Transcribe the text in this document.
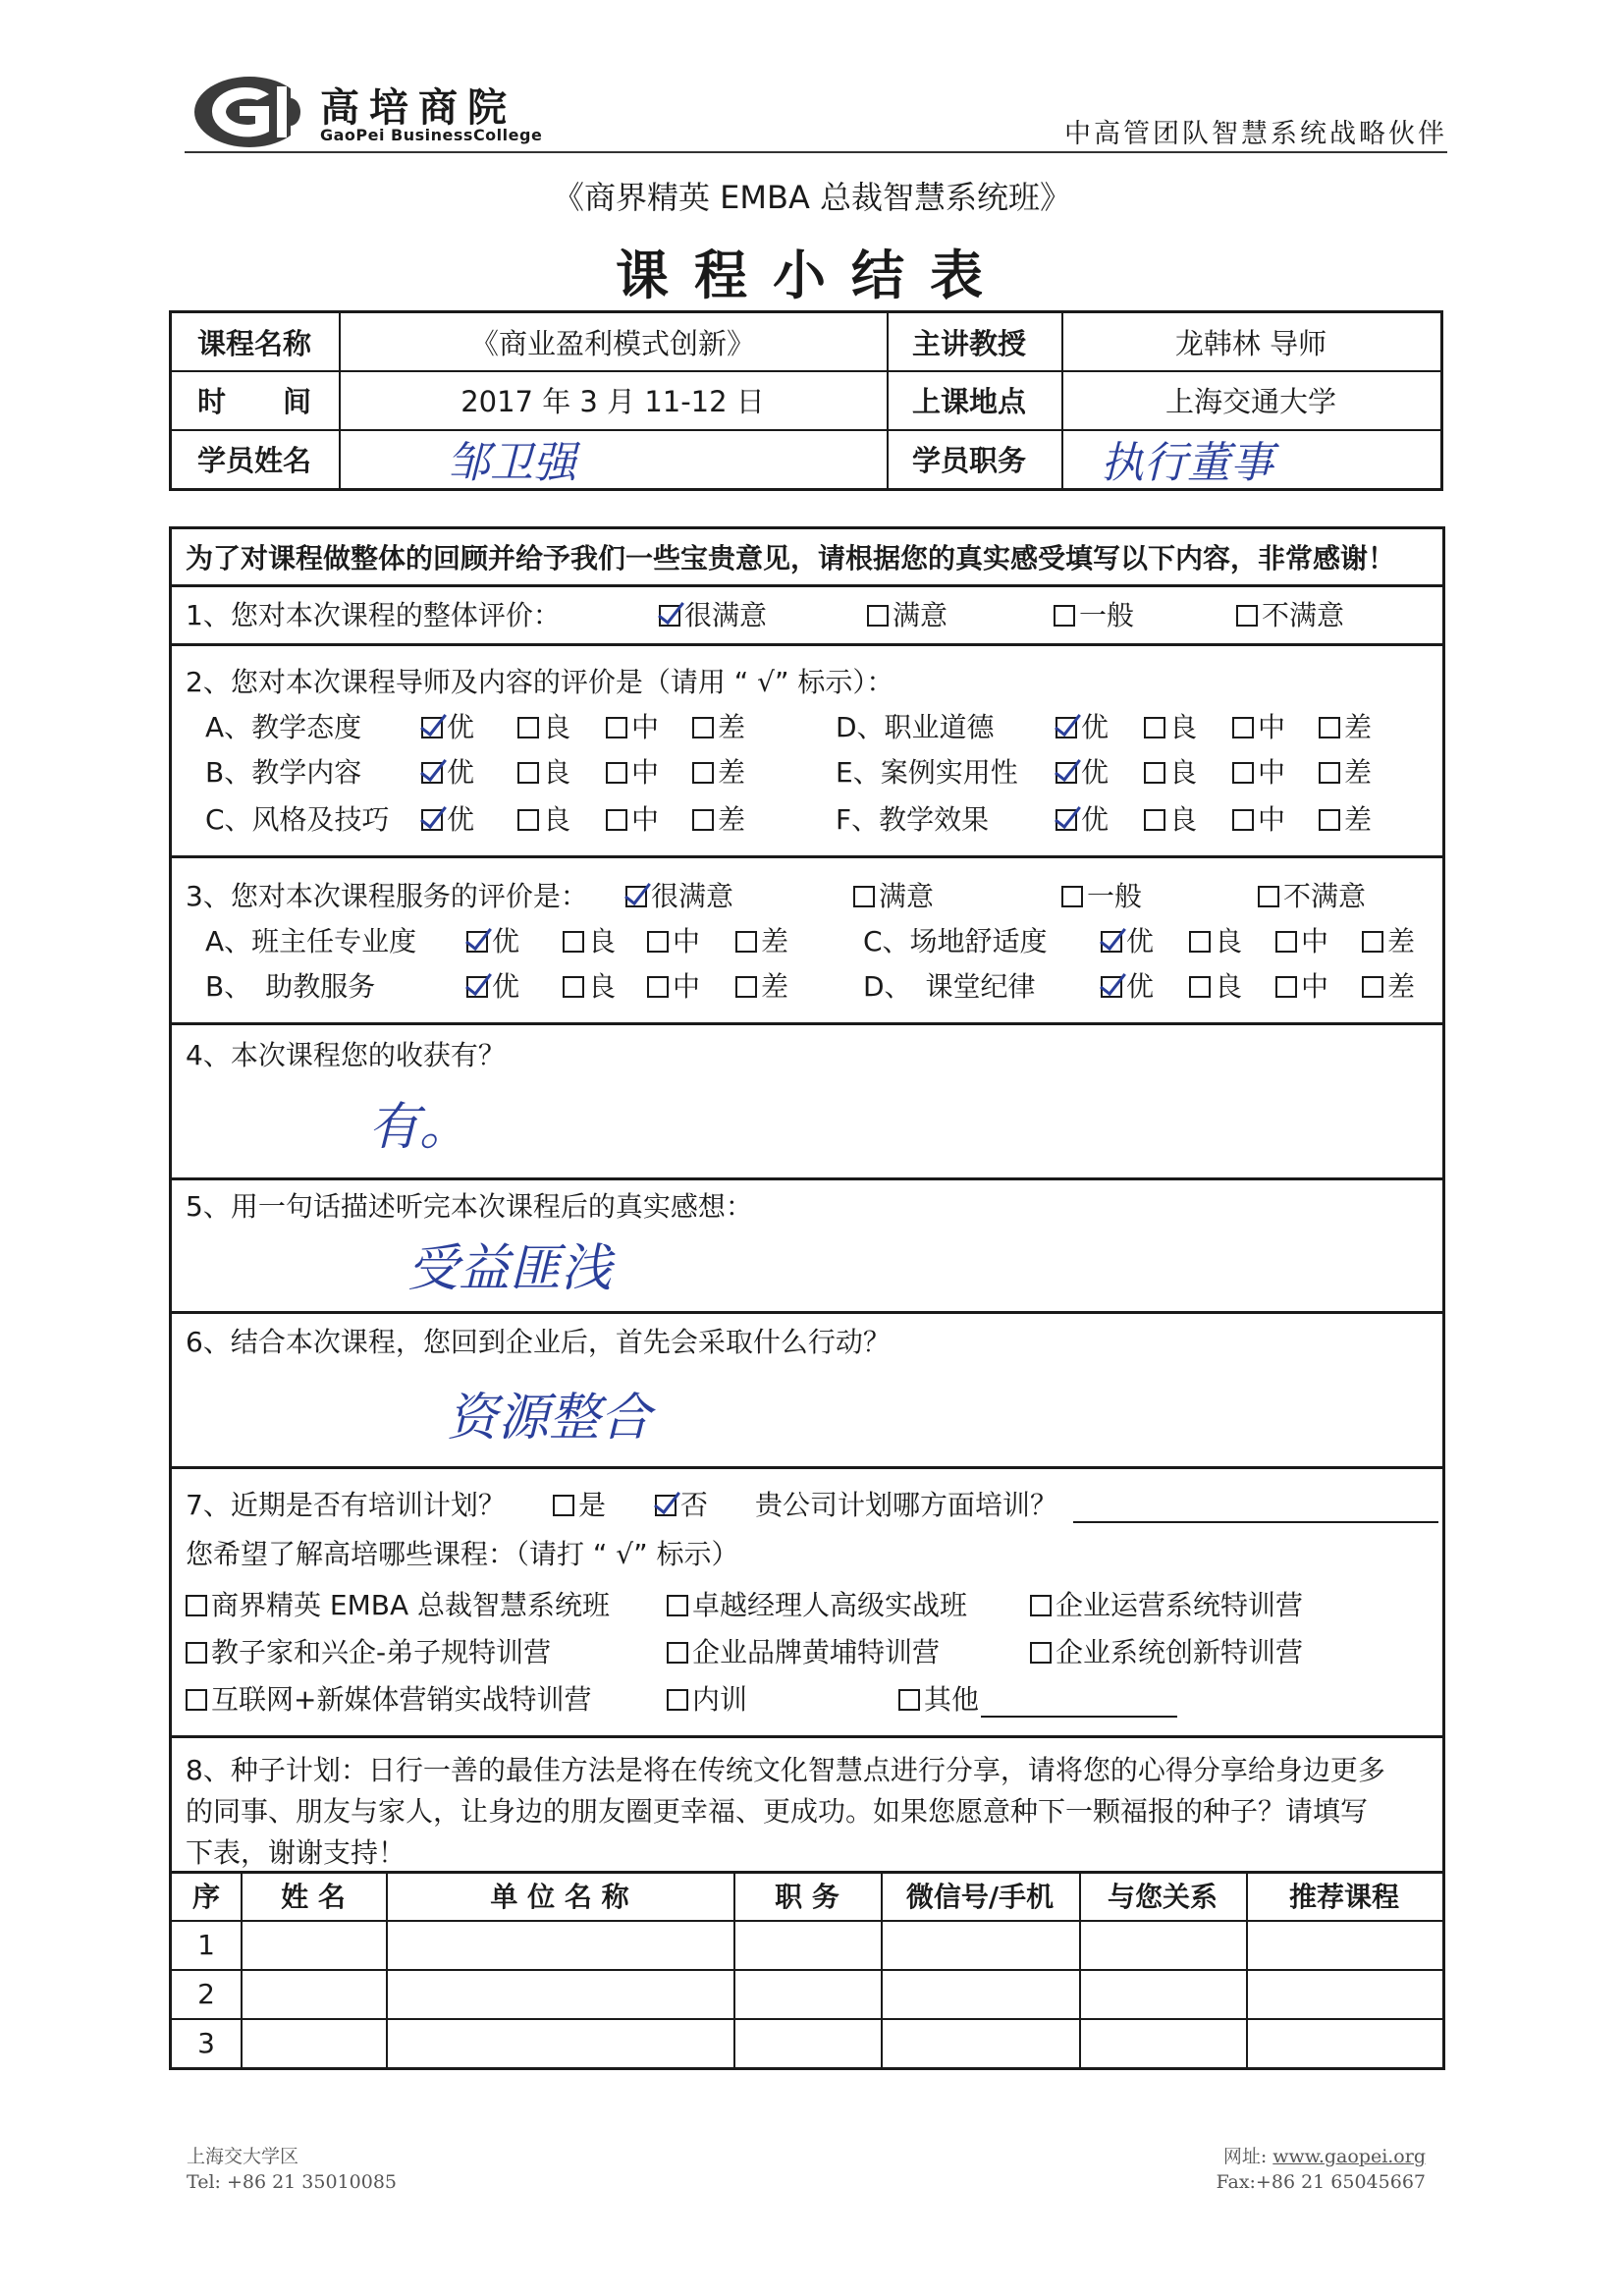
高培商院
GaoPei BusinessCollege	中高管团队智慧系统战略伙伴
《商界精英 EMBA 总裁智慧系统班》
课程小结表
课程名称	《商业盈利模式创新》	主讲教授	龙韩林 导师
时　　间	2017 年 3 月 11-12 日	上课地点	上海交通大学
学员姓名	邹卫强	学员职务	执行董事
为了对课程做整体的回顾并给予我们一些宝贵意见，请根据您的真实感受填写以下内容，非常感谢！
1、您对本次课程的整体评价：	很满意	满意	一般	不满意
2、您对本次课程导师及内容的评价是（请用 “ √” 标示）：
A、教学态度	优 良 中 差
B、教学内容	优 良 中 差
C、风格及技巧 优 良 中 差
D、职业道德	优 良 中 差
E、案例实用性 优 良 中 差
F、教学效果	优 良 中 差
3、您对本次课程服务的评价是： 很满意	满意	一般	不满意
A、班主任专业度	优 良 中 差
B、　助教服务	优 良 中 差
C、场地舒适度	优 良 中 差
D、　课堂纪律	优 良 中 差
4、本次课程您的收获有？
有。
5、用一句话描述听完本次课程后的真实感想：
受益匪浅
6、结合本次课程，您回到企业后，首先会采取什么行动？
资源整合
7、近期是否有培训计划？	是	否 贵公司计划哪方面培训？
您希望了解高培哪些课程：（请打 “ √” 标示）
商界精英 EMBA 总裁智慧系统班	卓越经理人高级实战班	企业运营系统特训营
教子家和兴企-弟子规特训营	企业品牌黄埔特训营	企业系统创新特训营
互联网+新媒体营销实战特训营	内训	其他
8、种子计划：日行一善的最佳方法是将在传统文化智慧点进行分享，请将您的心得分享给身边更多
的同事、朋友与家人，让身边的朋友圈更幸福、更成功。如果您愿意种下一颗福报的种子？请填写
下表，谢谢支持！
序	姓 名	单 位 名 称	职 务	微信号/手机	与您关系	推荐课程
1
2
3
上海交大学区
Tel: +86 21 35010085
网址: www.gaopei.org
Fax:+86 21 65045667
